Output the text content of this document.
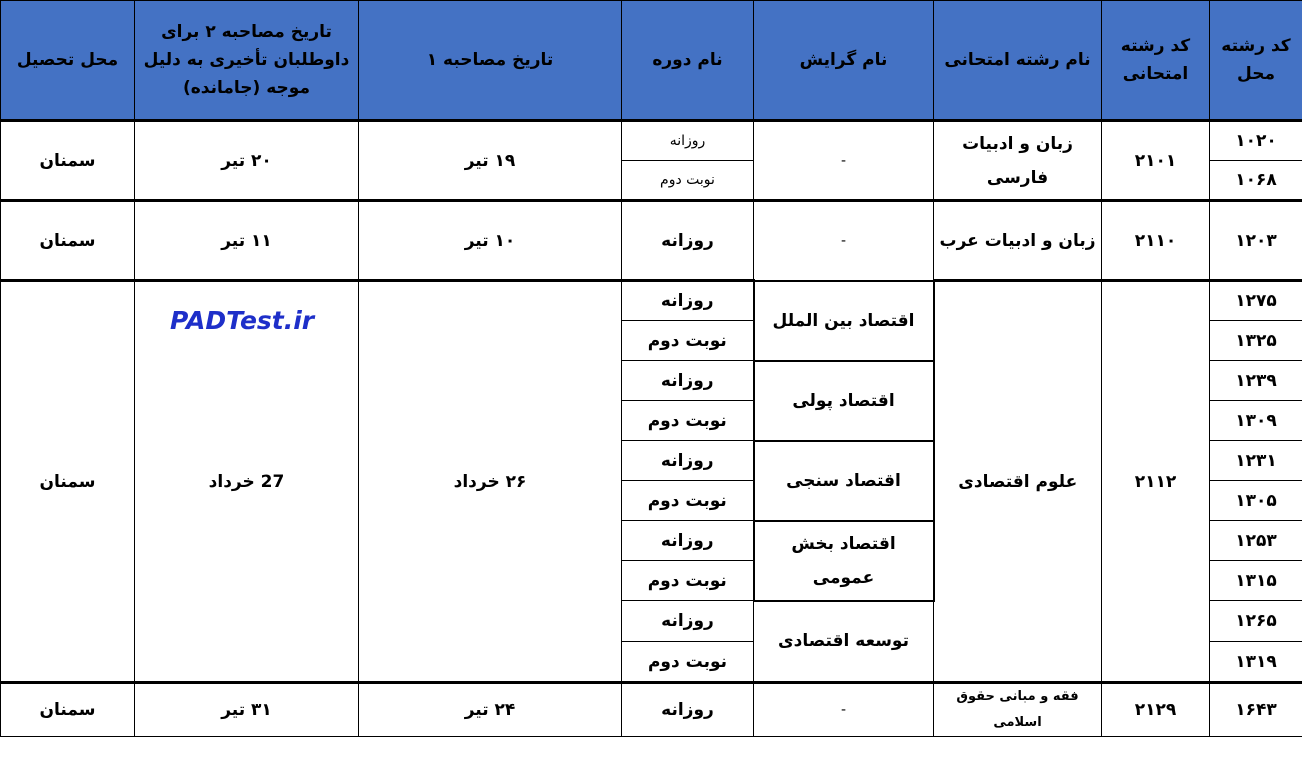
کد رشته محل	کد رشته امتحانی	نام رشته امتحانی	نام گرایش	نام دوره	تاریخ مصاحبه ۱	تاریخ مصاحبه ۲ برای داوطلبان تأخیری به دلیل موجه (جامانده)	محل تحصیل
۱۰۲۰	۲۱۰۱	زبان و ادبیات فارسی	-	روزانه	۱۹ تیر	۲۰ تیر	سمنان
۱۰۶۸				نوبت دوم			
۱۲۰۳	۲۱۱۰	زبان و ادبیات عرب	-	روزانه	۱۰ تیر	۱۱ تیر	سمنان
۱۲۷۵	۲۱۱۲	علوم اقتصادی	اقتصاد بین الملل	روزانه	۲۶ خرداد	27 خرداد	سمنان
۱۳۲۵				نوبت دوم			
۱۲۳۹			اقتصاد پولی	روزانه			
۱۳۰۹				نوبت دوم			
۱۲۳۱			اقتصاد سنجی	روزانه			
۱۳۰۵				نوبت دوم			
۱۲۵۳			اقتصاد بخش عمومی	روزانه			
۱۳۱۵				نوبت دوم			
۱۲۶۵			توسعه اقتصادی	روزانه			
۱۳۱۹				نوبت دوم			
۱۶۴۳	۲۱۲۹	فقه و مبانی حقوق اسلامی	-	روزانه	۲۴ تیر	۳۱ تیر	سمنان
PADTest.ir
